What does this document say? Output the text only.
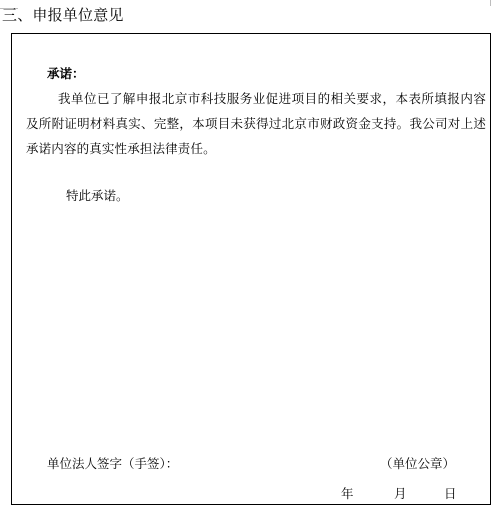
三、申报单位意见
承诺：
我单位已了解申报北京市科技服务业促进项目的相关要求，本表所填报内容及所附证明材料真实、完整，本项目未获得过北京市财政资金支持。我公司对上述承诺内容的真实性承担法律责任。
特此承诺。
单位法人签字（手签）：	（单位公章）
年	月	日
